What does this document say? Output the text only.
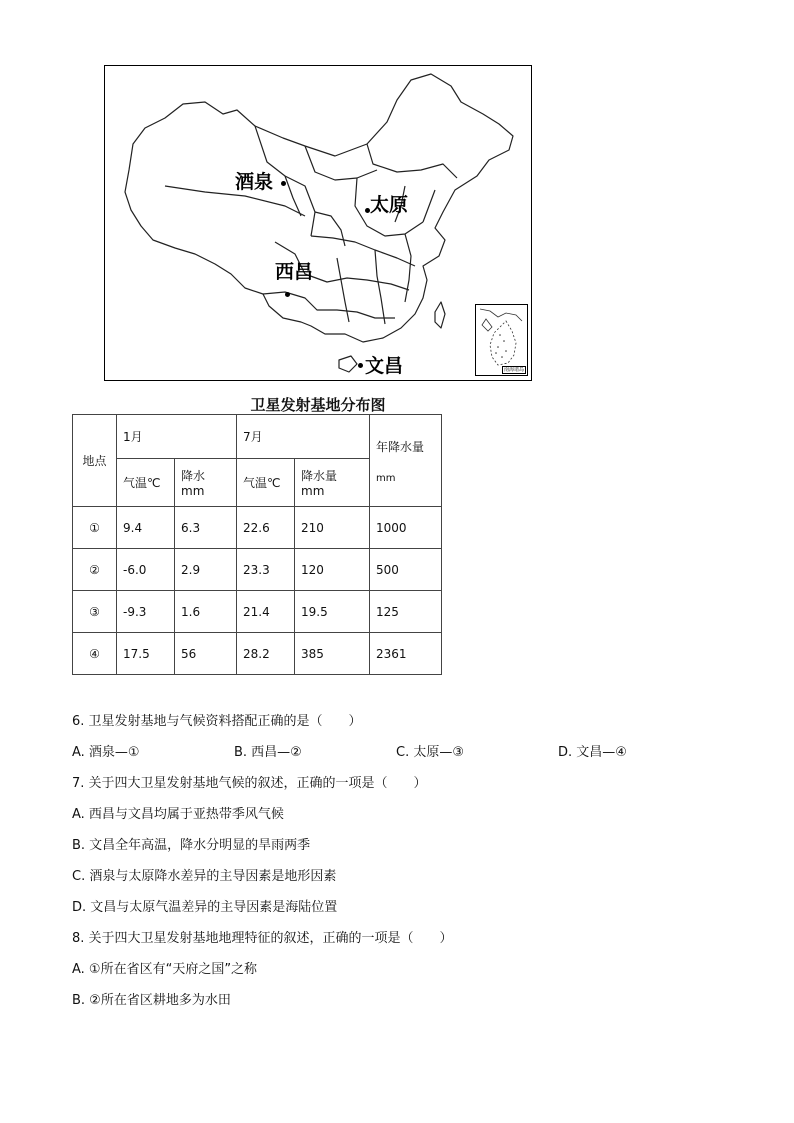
酒泉
太原
西昌
文昌	南海诸岛
卫星发射基地分布图
地点	1月		7月		年降水量
mm

	气温℃	降水 mm	气温℃	降水量 mm	
①	9.4	6.3	22.6	210	1000
②	-6.0	2.9	23.3	120	500
③	-9.3	1.6	21.4	19.5	125
④	17.5	56	28.2	385	2361
6. 卫星发射基地与气候资料搭配正确的是（　　）
A. 酒泉—①	B. 西昌—②	C. 太原—③	D. 文昌—④
7. 关于四大卫星发射基地气候的叙述，正确的一项是（　　）
A. 西昌与文昌均属于亚热带季风气候
B. 文昌全年高温，降水分明显的旱雨两季
C. 酒泉与太原降水差异的主导因素是地形因素
D. 文昌与太原气温差异的主导因素是海陆位置
8. 关于四大卫星发射基地地理特征的叙述，正确的一项是（　　）
A. ①所在省区有“天府之国”之称
B. ②所在省区耕地多为水田
